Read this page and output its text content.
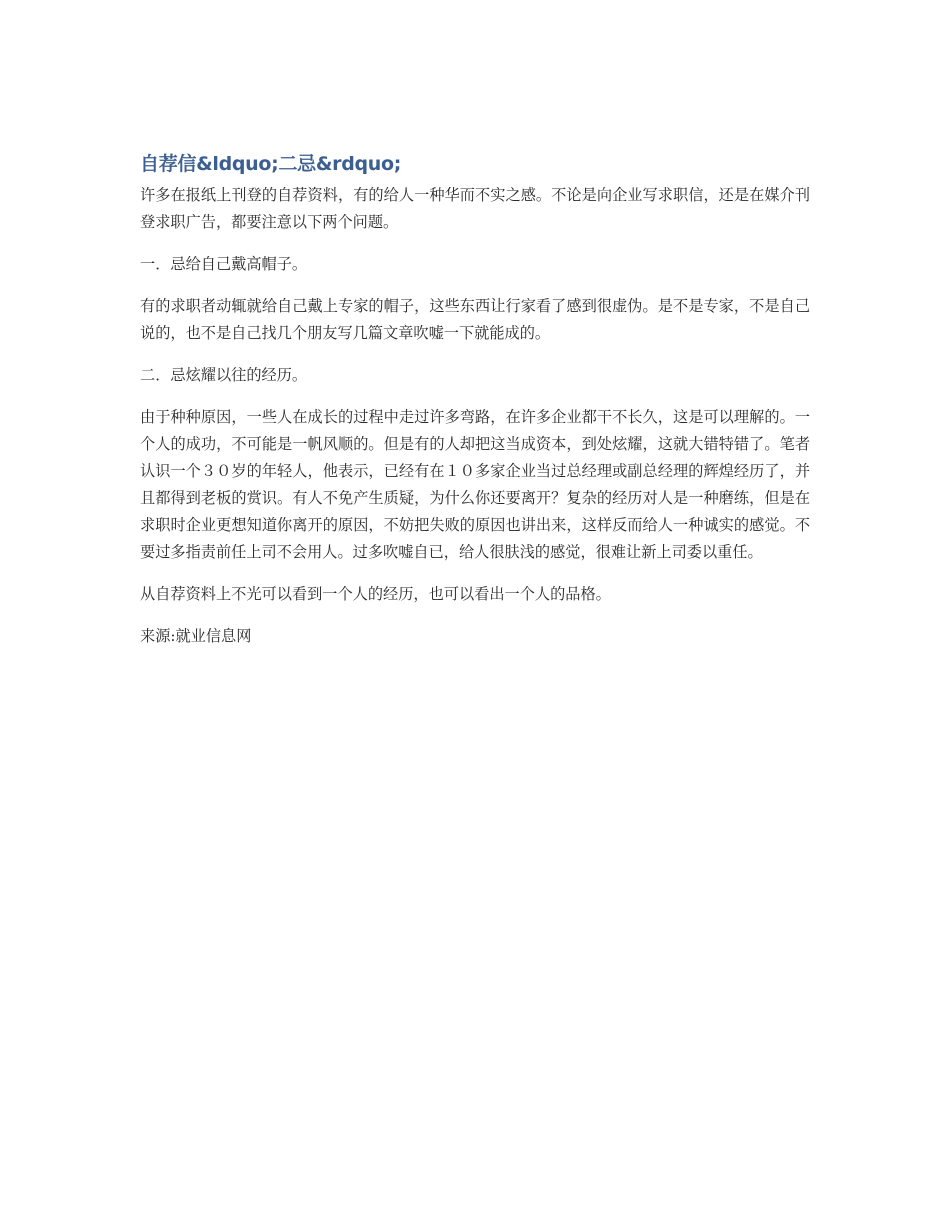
自荐信&ldquo;二忌&rdquo;

许多在报纸上刊登的自荐资料，有的给人一种华而不实之感。不论是向企业写求职信，还是在媒介刊登求职广告，都要注意以下两个问题。

一．忌给自己戴高帽子。

有的求职者动辄就给自己戴上专家的帽子，这些东西让行家看了感到很虚伪。是不是专家，不是自己说的，也不是自己找几个朋友写几篇文章吹嘘一下就能成的。

二．忌炫耀以往的经历。

由于种种原因，一些人在成长的过程中走过许多弯路，在许多企业都干不长久，这是可以理解的。一个人的成功，不可能是一帆风顺的。但是有的人却把这当成资本，到处炫耀，这就大错特错了。笔者认识一个３０岁的年轻人，他表示，已经有在１０多家企业当过总经理或副总经理的辉煌经历了，并且都得到老板的赏识。有人不免产生质疑，为什么你还要离开？复杂的经历对人是一种磨练，但是在求职时企业更想知道你离开的原因，不妨把失败的原因也讲出来，这样反而给人一种诚实的感觉。不要过多指责前任上司不会用人。过多吹嘘自已，给人很肤浅的感觉，很难让新上司委以重任。

从自荐资料上不光可以看到一个人的经历，也可以看出一个人的品格。

来源:就业信息网
